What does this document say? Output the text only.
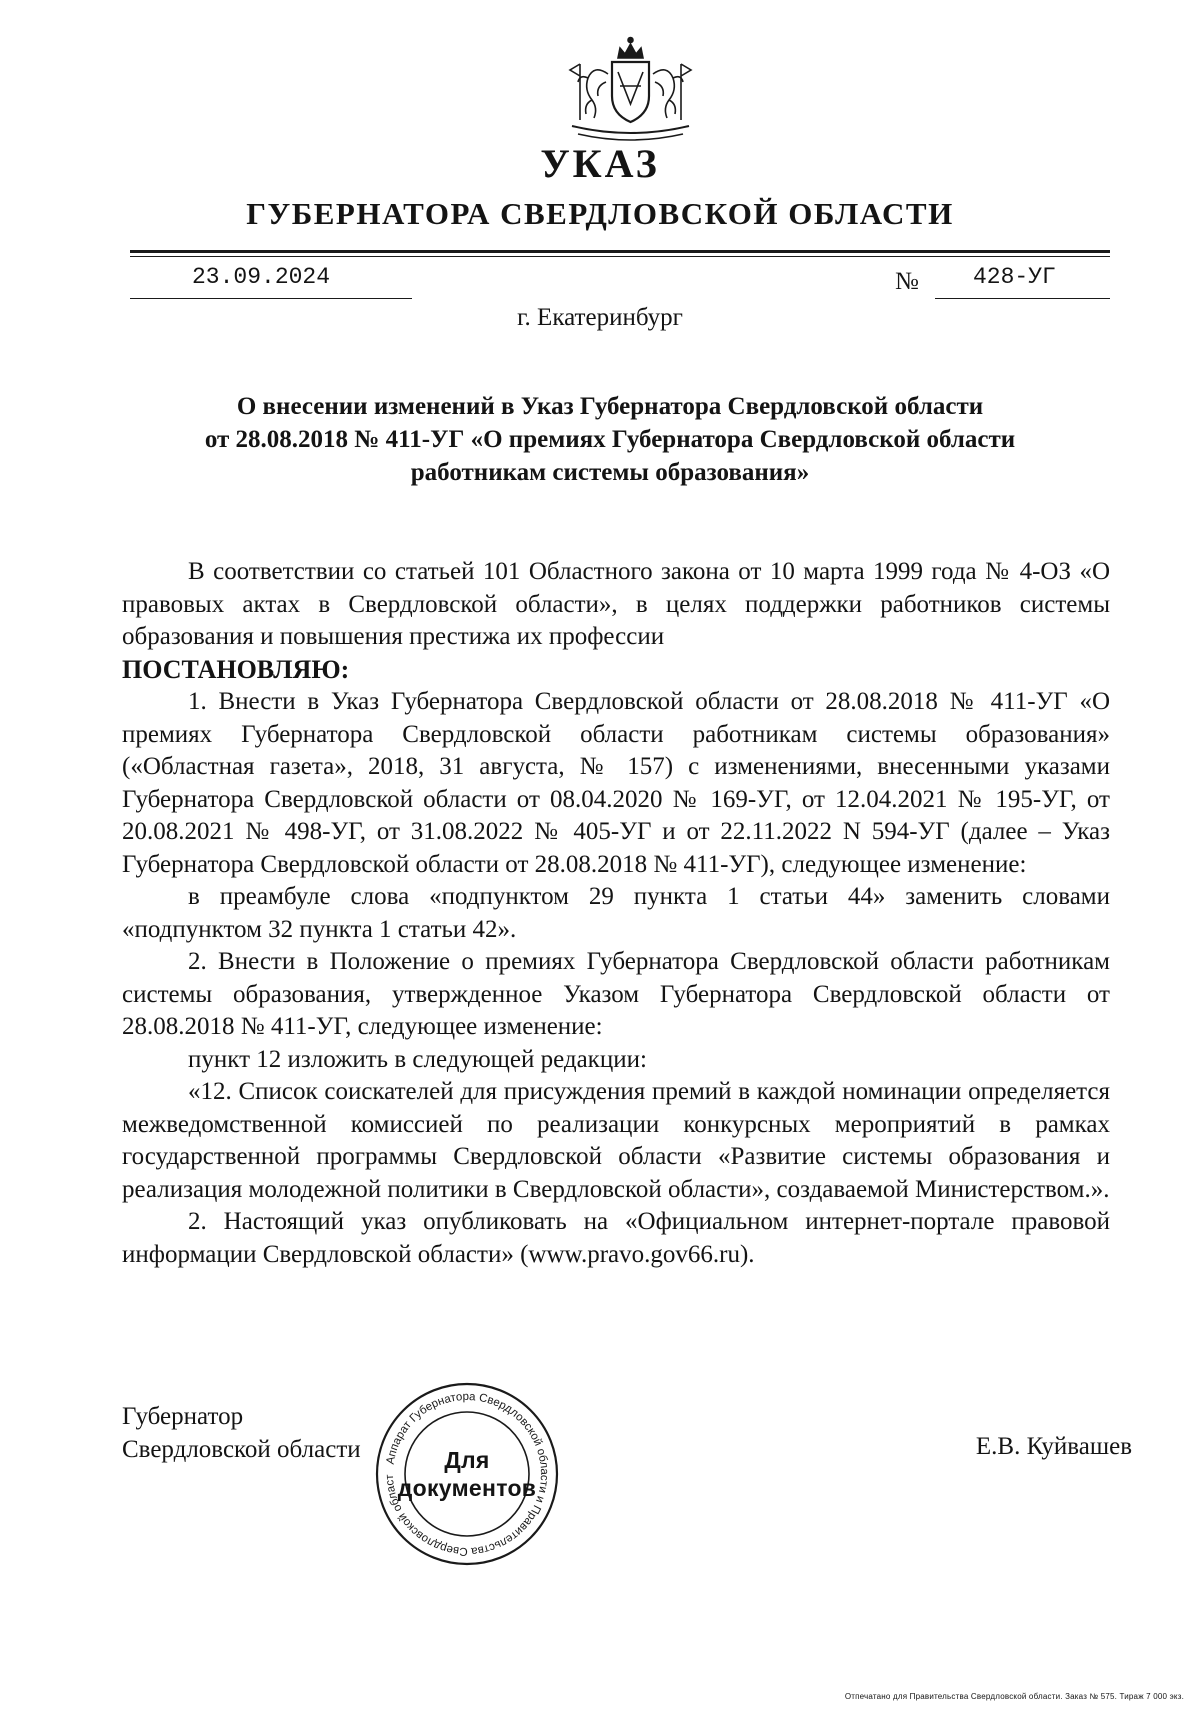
УКАЗ
ГУБЕРНАТОРА СВЕРДЛОВСКОЙ ОБЛАСТИ
23.09.2024	№ 428-УГ
г. Екатеринбург
О внесении изменений в Указ Губернатора Свердловской области
от 28.08.2018 № 411-УГ «О премиях Губернатора Свердловской области
работникам системы образования»

В соответствии со статьей 101 Областного закона от 10 марта 1999 года № 4-ОЗ «О правовых актах в Свердловской области», в целях поддержки работников системы образования и повышения престижа их профессии

ПОСТАНОВЛЯЮ:

1. Внести в Указ Губернатора Свердловской области от 28.08.2018 № 411-УГ «О премиях Губернатора Свердловской области работникам системы образования» («Областная газета», 2018, 31 августа, № 157) с изменениями, внесенными указами Губернатора Свердловской области от 08.04.2020 № 169-УГ, от 12.04.2021 № 195-УГ, от 20.08.2021 № 498-УГ, от 31.08.2022 № 405-УГ и от 22.11.2022 N 594-УГ (далее – Указ Губернатора Свердловской области от 28.08.2018 № 411-УГ), следующее изменение:

в преамбуле слова «подпунктом 29 пункта 1 статьи 44» заменить словами «подпунктом 32 пункта 1 статьи 42».

2. Внести в Положение о премиях Губернатора Свердловской области работникам системы образования, утвержденное Указом Губернатора Свердловской области от 28.08.2018 № 411-УГ, следующее изменение:

пункт 12 изложить в следующей редакции:

«12. Список соискателей для присуждения премий в каждой номинации определяется межведомственной комиссией по реализации конкурсных мероприятий в рамках государственной программы Свердловской области «Развитие системы образования и реализация молодежной политики в Свердловской области», создаваемой Министерством.».

2. Настоящий указ опубликовать на «Официальном интернет-портале правовой информации Свердловской области» (www.pravo.gov66.ru).

Губернатор
Свердловской области	Е.В. Куйвашев
Аппарат Губернатора Свердловской области и Правительства Свердловской област
Для
документов
Отпечатано для Правительства Свердловской области. Заказ № 575. Тираж 7 000 экз.
